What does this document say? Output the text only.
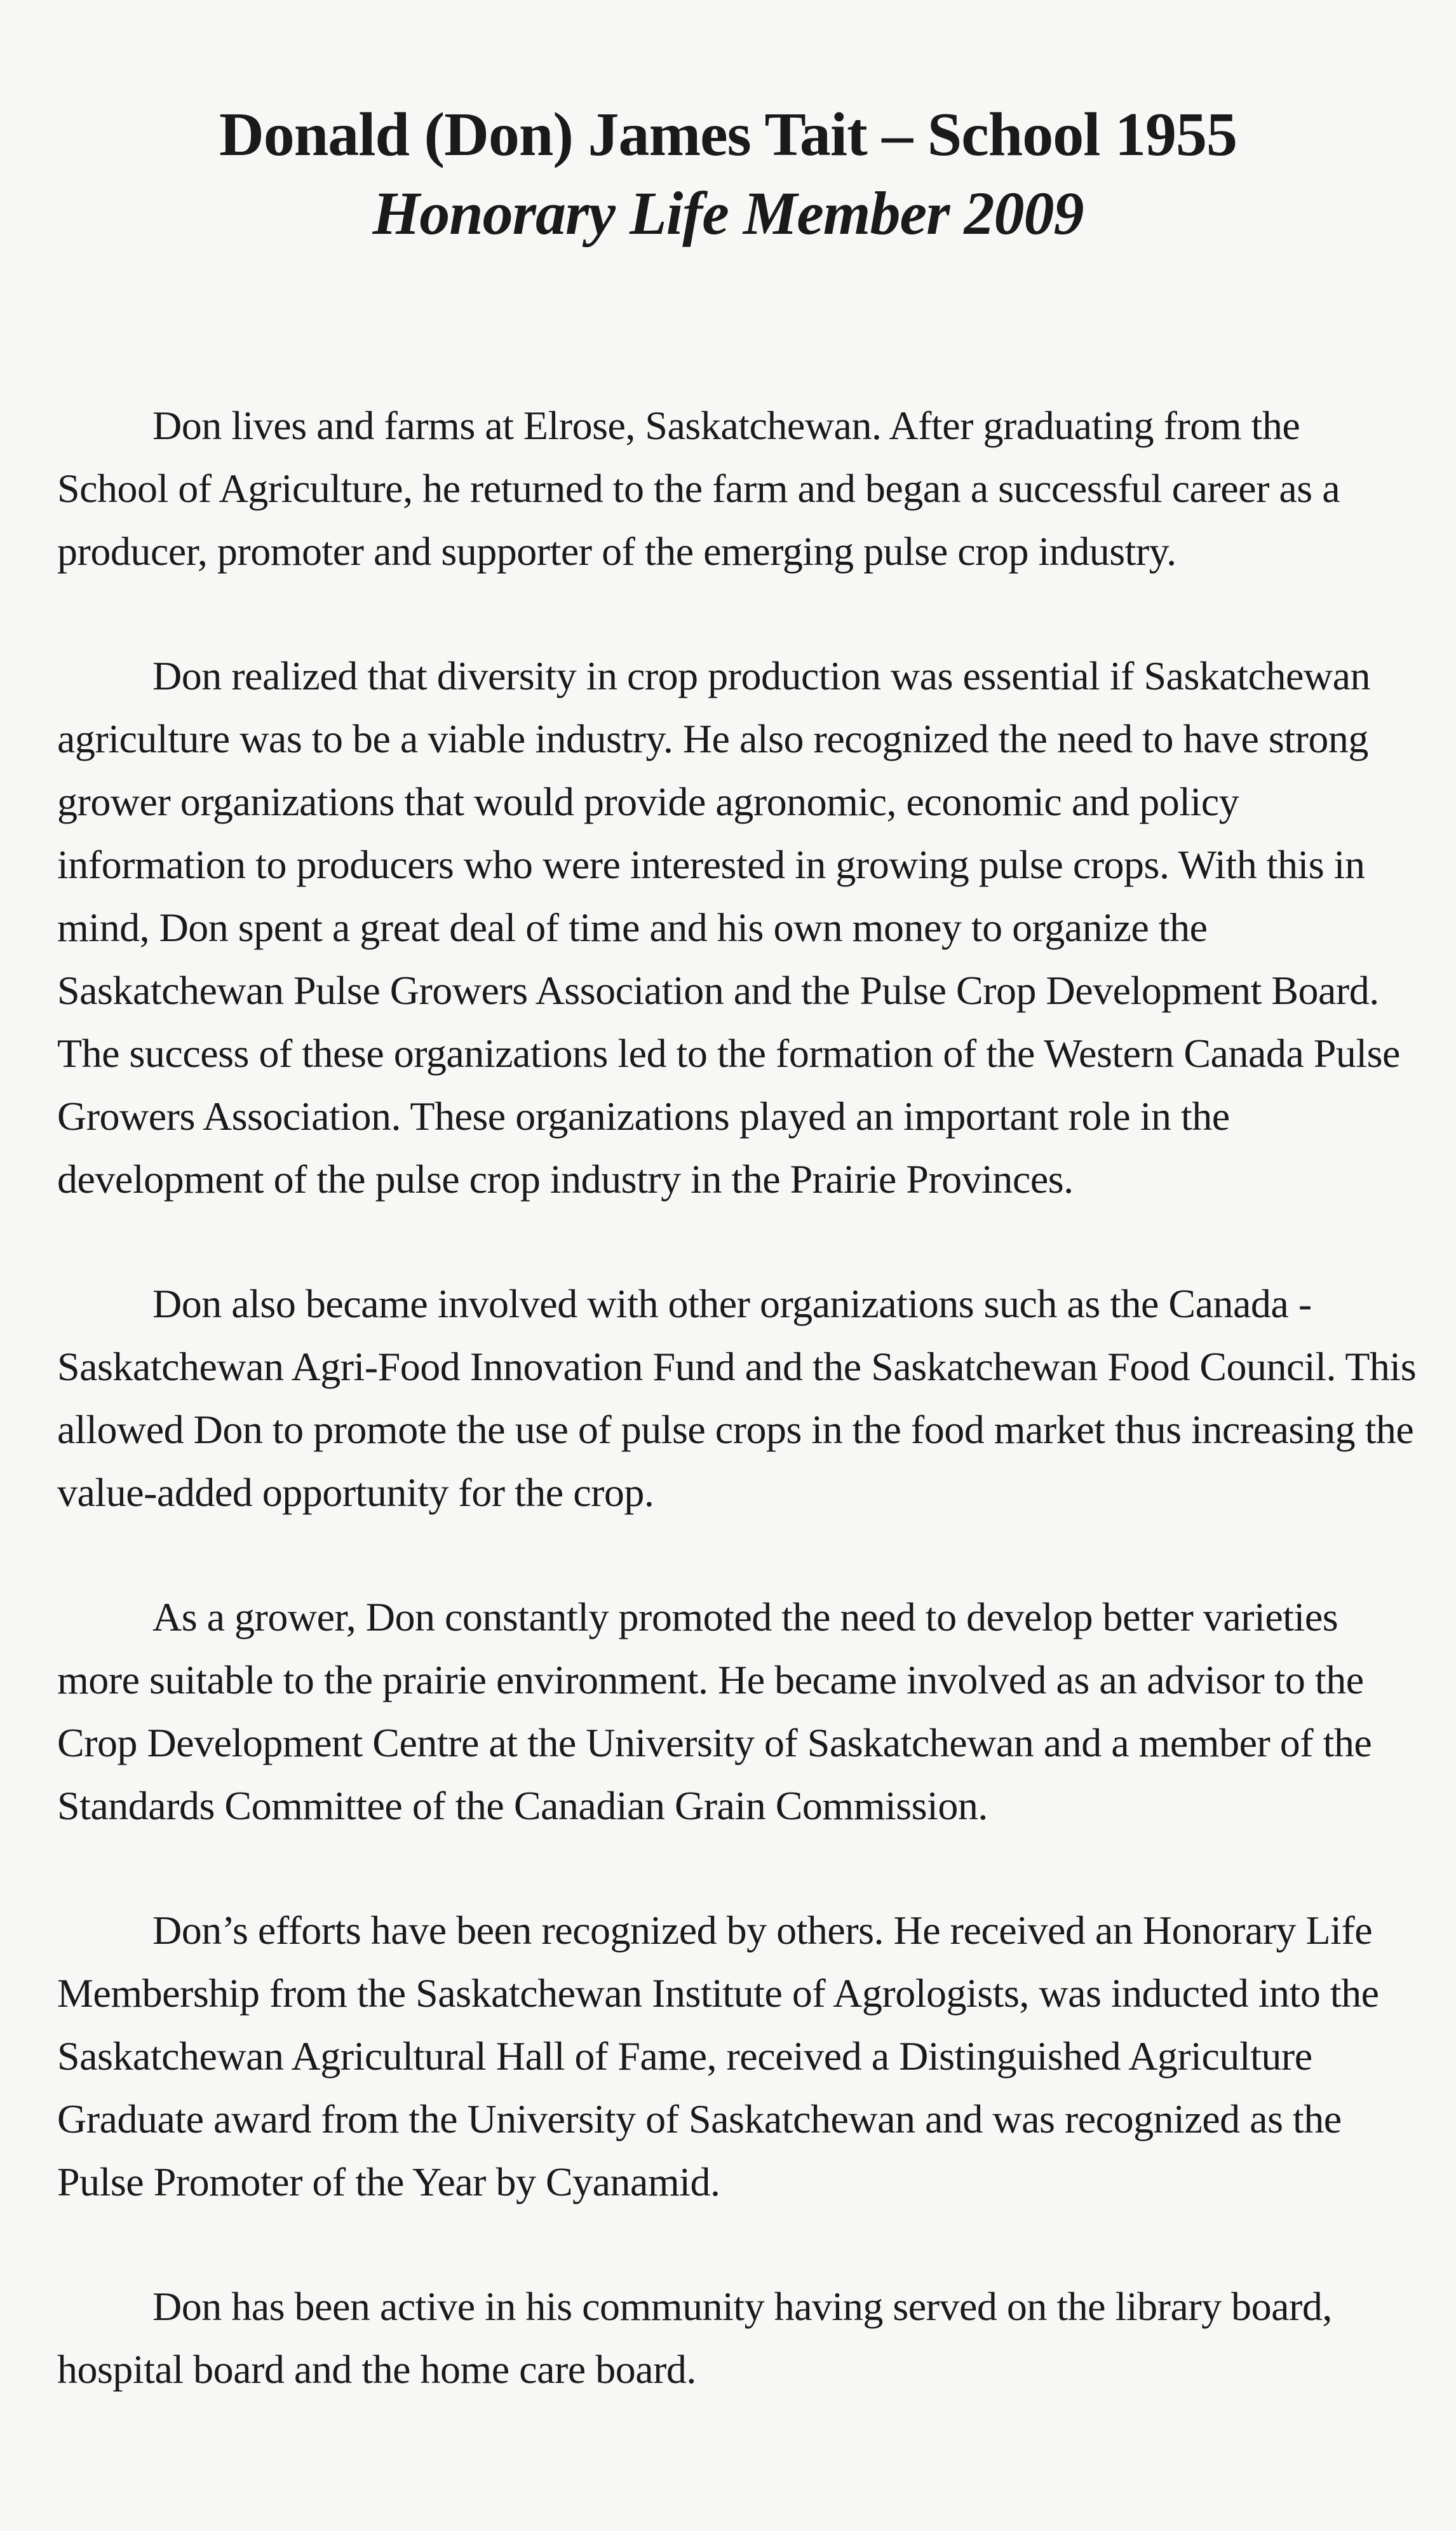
Donald (Don) James Tait – School 1955
Honorary Life Member 2009

Don lives and farms at Elrose, Saskatchewan. After graduating from the School of Agriculture, he returned to the farm and began a successful career as a producer, promoter and supporter of the emerging pulse crop industry.

Don realized that diversity in crop production was essential if Saskatchewan agriculture was to be a viable industry. He also recognized the need to have strong grower organizations that would provide agronomic, economic and policy information to producers who were interested in growing pulse crops. With this in mind, Don spent a great deal of time and his own money to organize the Saskatchewan Pulse Growers Association and the Pulse Crop Development Board. The success of these organizations led to the formation of the Western Canada Pulse Growers Association. These organizations played an important role in the development of the pulse crop industry in the Prairie Provinces.

Don also became involved with other organizations such as the Canada - Saskatchewan Agri-Food Innovation Fund and the Saskatchewan Food Council. This allowed Don to promote the use of pulse crops in the food market thus increasing the value-added opportunity for the crop.

As a grower, Don constantly promoted the need to develop better varieties more suitable to the prairie environment. He became involved as an advisor to the Crop Development Centre at the University of Saskatchewan and a member of the Standards Committee of the Canadian Grain Commission.

Don’s efforts have been recognized by others. He received an Honorary Life Membership from the Saskatchewan Institute of Agrologists, was inducted into the Saskatchewan Agricultural Hall of Fame, received a Distinguished Agriculture Graduate award from the University of Saskatchewan and was recognized as the Pulse Promoter of the Year by Cyanamid.

Don has been active in his community having served on the library board, hospital board and the home care board.
